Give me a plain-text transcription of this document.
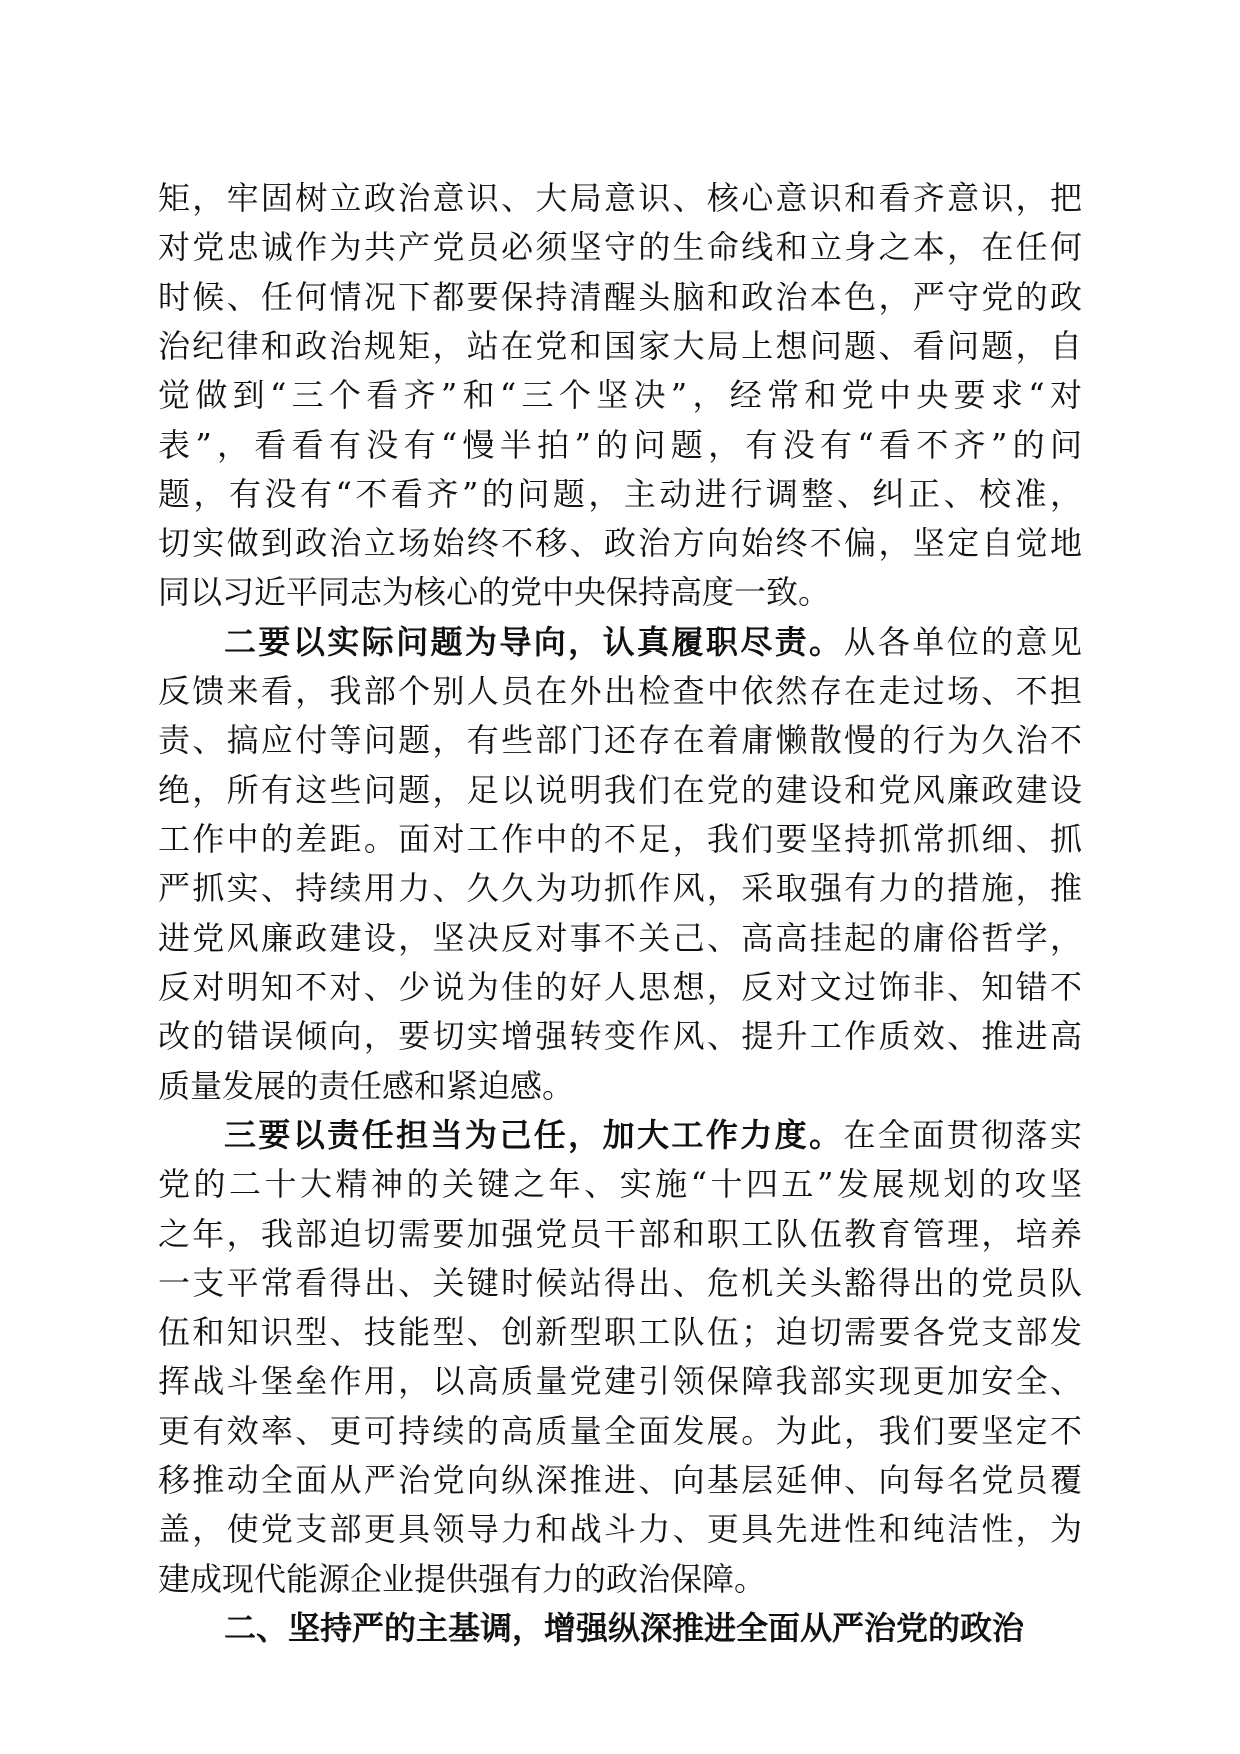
矩，牢固树立政治意识、大局意识、核心意识和看齐意识，把
对党忠诚作为共产党员必须坚守的生命线和立身之本，在任何
时候、任何情况下都要保持清醒头脑和政治本色，严守党的政
治纪律和政治规矩，站在党和国家大局上想问题、看问题，自
觉做到“三个看齐”和“三个坚决”，经常和党中央要求“对
表”，看看有没有“慢半拍”的问题，有没有“看不齐”的问
题，有没有“不看齐”的问题，主动进行调整、纠正、校准，
切实做到政治立场始终不移、政治方向始终不偏，坚定自觉地
同以习近平同志为核心的党中央保持高度一致。
二要以实际问题为导向，认真履职尽责。从各单位的意见
反馈来看，我部个别人员在外出检查中依然存在走过场、不担
责、搞应付等问题，有些部门还存在着庸懒散慢的行为久治不
绝，所有这些问题，足以说明我们在党的建设和党风廉政建设
工作中的差距。面对工作中的不足，我们要坚持抓常抓细、抓
严抓实、持续用力、久久为功抓作风，采取强有力的措施，推
进党风廉政建设，坚决反对事不关己、高高挂起的庸俗哲学，
反对明知不对、少说为佳的好人思想，反对文过饰非、知错不
改的错误倾向，要切实增强转变作风、提升工作质效、推进高
质量发展的责任感和紧迫感。
三要以责任担当为己任，加大工作力度。在全面贯彻落实
党的二十大精神的关键之年、实施“十四五”发展规划的攻坚
之年，我部迫切需要加强党员干部和职工队伍教育管理，培养
一支平常看得出、关键时候站得出、危机关头豁得出的党员队
伍和知识型、技能型、创新型职工队伍；迫切需要各党支部发
挥战斗堡垒作用，以高质量党建引领保障我部实现更加安全、
更有效率、更可持续的高质量全面发展。为此，我们要坚定不
移推动全面从严治党向纵深推进、向基层延伸、向每名党员覆
盖，使党支部更具领导力和战斗力、更具先进性和纯洁性，为
建成现代能源企业提供强有力的政治保障。
二、坚持严的主基调，增强纵深推进全面从严治党的政治
